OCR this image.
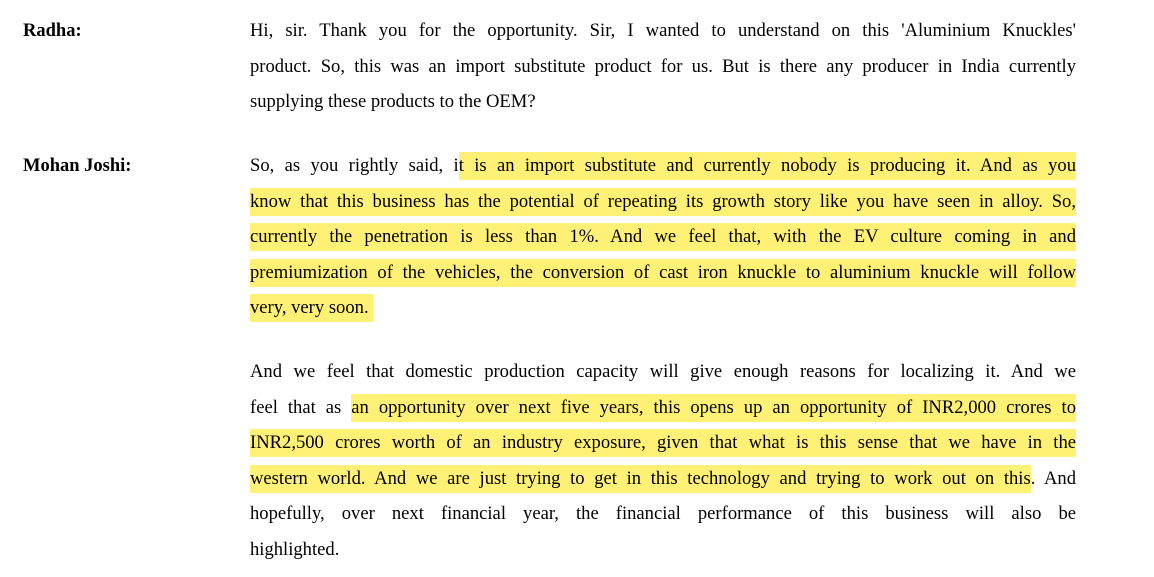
Radha:	Hi, sir. Thank you for the opportunity. Sir, I wanted to understand on this 'Aluminium Knuckles'
product. So, this was an import substitute product for us. But is there any producer in India currently
supplying these products to the OEM?
Mohan Joshi:	So, as you rightly said, it is an import substitute and currently nobody is producing it. And as you
know that this business has the potential of repeating its growth story like you have seen in alloy. So,
currently the penetration is less than 1%. And we feel that, with the EV culture coming in and
premiumization of the vehicles, the conversion of cast iron knuckle to aluminium knuckle will follow
very, very soon.
And we feel that domestic production capacity will give enough reasons for localizing it. And we
feel that as an opportunity over next five years, this opens up an opportunity of INR2,000 crores to
INR2,500 crores worth of an industry exposure, given that what is this sense that we have in the
western world. And we are just trying to get in this technology and trying to work out on this. And
hopefully, over next financial year, the financial performance of this business will also be
highlighted.
